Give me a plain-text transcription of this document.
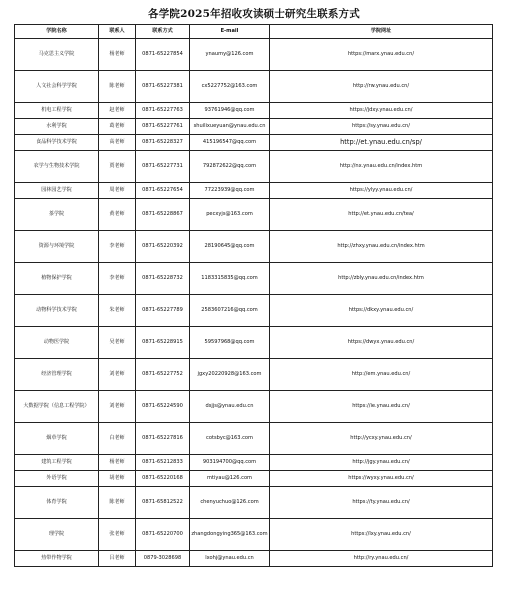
各学院2025年招收攻读硕士研究生联系方式
学院名称	联系人	联系方式	E-mail	学院网址
马克思主义学院	杨老师	0871-65227854	ynaumy@126.com	https://marx.ynau.edu.cn/
人文社会科学学院	陈老师	0871-65227381	cx5227752@163.com	http://rw.ynau.edu.cn/
机电工程学院	赵老师	0871-65227763	93761946@qq.com	https://jdxy.ynau.edu.cn/
水利学院	葛老师	0871-65227761	shuilixueyuan@ynau.edu.cn	https://sy.ynau.edu.cn/
食品科学技术学院	高老师	0871-65228327	415196547@qq.com	http://et.ynau.edu.cn/sp/
农学与生物技术学院	贾老师	0871-65227731	792872622@qq.com	http://nx.ynau.edu.cn/index.htm
园林园艺学院	周老师	0871-65227654	77223939@qq.com	https://ylyy.ynau.edu.cn/
茶学院	黄老师	0871-65228867	pecxyjs@163.com	http://et.ynau.edu.cn/tea/
资源与环境学院	李老师	0871-65220392	28190645@qq.com	http://zhxy.ynau.edu.cn/index.htm
植物保护学院	李老师	0871-65228732	1183315835@qq.com	http://zbly.ynau.edu.cn/index.htm
动物科学技术学院	朱老师	0871-65227789	2583607216@qq.com	https://dkxy.ynau.edu.cn/
动物医学院	吴老师	0871-65228915	59597968@qq.com	https://dwyx.ynau.edu.cn/
经济管理学院	刘老师	0871-65227752	jgxy20220928@163.com	http://em.ynau.edu.cn/
大数据学院（信息工程学院）	刘老师	0871-65224590	dsjjs@ynau.edu.cn	https://ie.ynau.edu.cn/
烟草学院	白老师	0871-65227816	cotsbyc@163.com	http://ycxy.ynau.edu.cn/
建筑工程学院	杨老师	0871-65212833	903194700@qq.com	http://jgy.ynau.edu.cn/
外语学院	胡老师	0871-65220168	mtiyau@126.com	https://wyxy.ynau.edu.cn/
体育学院	陈老师	0871-65812522	chenyuchuo@126.com	https://ty.ynau.edu.cn/
理学院	张老师	0871-65220700	zhangdongying365@163.com	https://lxy.ynau.edu.cn/
热带作物学院	吕老师	0879-3028698	lxohj@ynau.edu.cn	http://ry.ynau.edu.cn/
